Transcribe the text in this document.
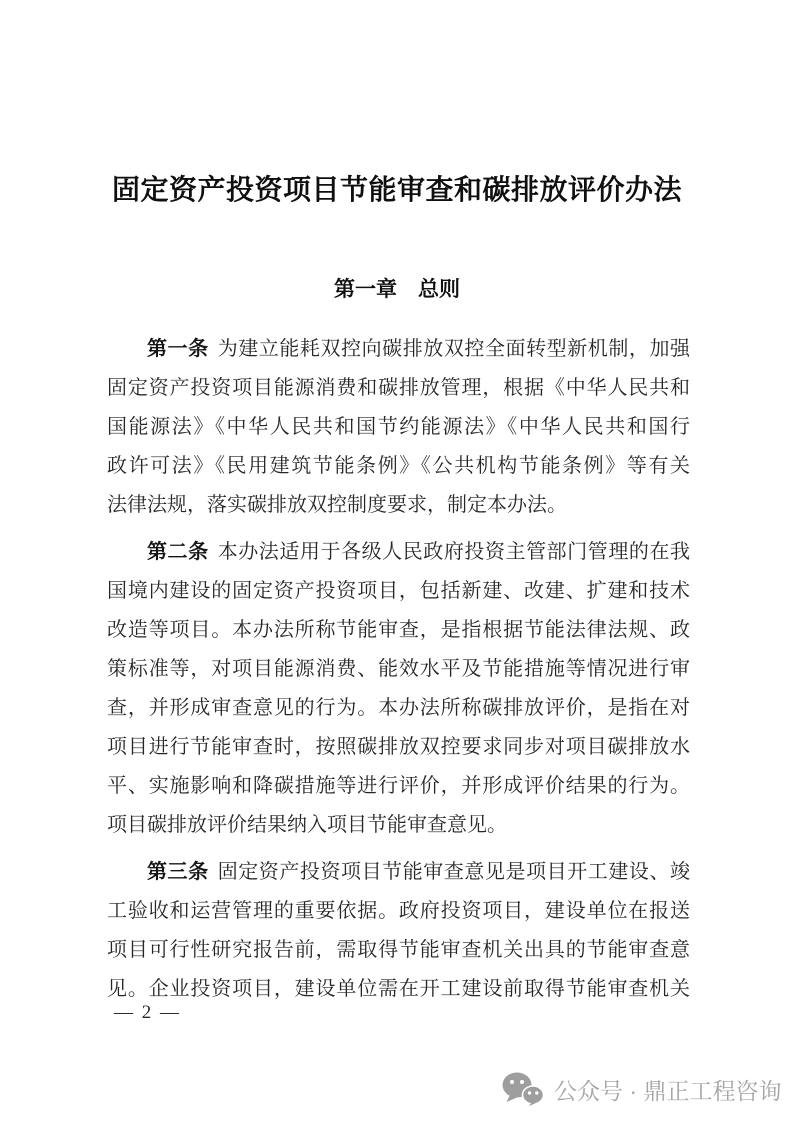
固定资产投资项目节能审查和碳排放评价办法
第一章 总则

第一条 为建立能耗双控向碳排放双控全面转型新机制，加强
固定资产投资项目能源消费和碳排放管理，根据《中华人民共和
国能源法》《中华人民共和国节约能源法》《中华人民共和国行
政许可法》《民用建筑节能条例》《公共机构节能条例》等有关
法律法规，落实碳排放双控制度要求，制定本办法。

第二条 本办法适用于各级人民政府投资主管部门管理的在我
国境内建设的固定资产投资项目，包括新建、改建、扩建和技术
改造等项目。本办法所称节能审查，是指根据节能法律法规、政
策标准等，对项目能源消费、能效水平及节能措施等情况进行审
查，并形成审查意见的行为。本办法所称碳排放评价，是指在对
项目进行节能审查时，按照碳排放双控要求同步对项目碳排放水
平、实施影响和降碳措施等进行评价，并形成评价结果的行为。
项目碳排放评价结果纳入项目节能审查意见。

第三条 固定资产投资项目节能审查意见是项目开工建设、竣
工验收和运营管理的重要依据。政府投资项目，建设单位在报送
项目可行性研究报告前，需取得节能审查机关出具的节能审查意
见。企业投资项目，建设单位需在开工建设前取得节能审查机关

— 2 —
公众号 · 鼎正工程咨询
